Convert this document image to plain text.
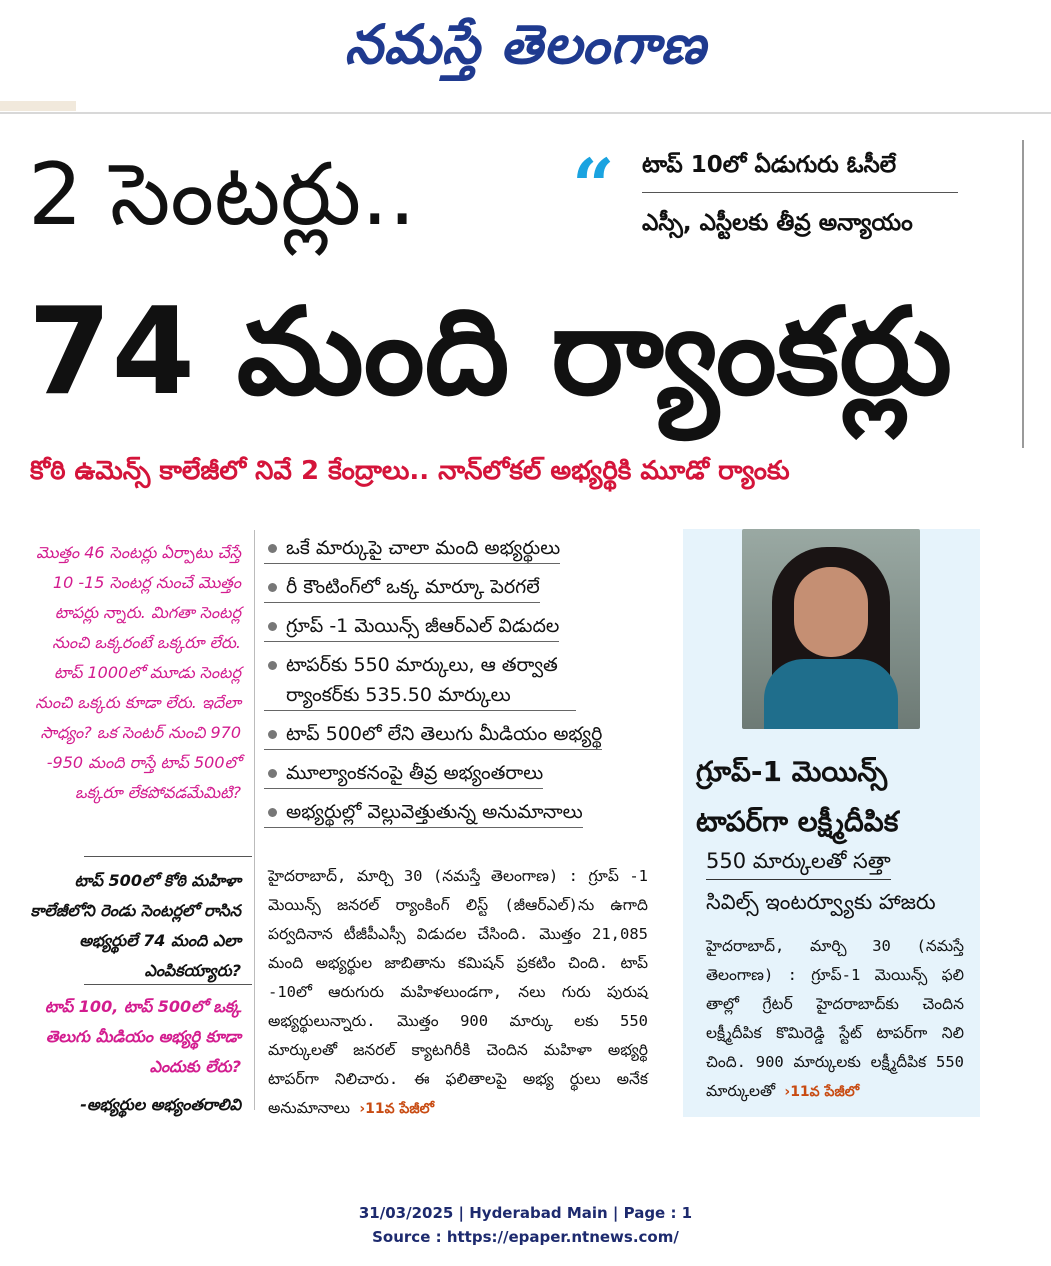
నమస్తే తెలంగాణ
2 సెంటర్లు.. “ టాప్ 10లో ఏడుగురు ఓసీలే
ఎస్సీ, ఎస్టీలకు తీవ్ర అన్యాయం
74 మంది ర్యాంకర్లు
కోఠి ఉమెన్స్ కాలేజీలో నివే 2 కేంద్రాలు.. నాన్‌లోకల్ అభ్యర్థికి మూడో ర్యాంకు
మొత్తం 46 సెంటర్లు ఏర్పాటు చేస్తే 10 -15 సెంటర్ల నుంచే మొత్తం టాపర్లు న్నారు. మిగతా సెంటర్ల నుంచి ఒక్కరంటే ఒక్కరూ లేరు. టాప్ 1000లో మూడు సెంటర్ల నుంచి ఒక్కరు కూడా లేరు. ఇదేలా సాధ్యం? ఒక సెంటర్ నుంచి 970 -950 మంది రాస్తే టాప్ 500లో ఒక్కరూ లేకపోవడమేమిటి?
టాప్ 500లో కోఠి మహిళా కాలేజీలోని రెండు సెంటర్లలో రాసిన అభ్యర్థులే 74 మంది ఎలా ఎంపికయ్యారు?
టాప్ 100, టాప్ 500లో ఒక్క తెలుగు మీడియం అభ్యర్థి కూడా ఎందుకు లేరు?
-అభ్యర్థుల అభ్యంతరాలివి
ఒకే మార్కుపై చాలా మంది అభ్యర్థులు
రీ కౌంటింగ్‌లో ఒక్క మార్కూ పెరగలే
గ్రూప్ -1 మెయిన్స్ జీఆర్‌ఎల్ విడుదల
టాపర్‌కు 550 మార్కులు, ఆ తర్వాత ర్యాంకర్‌కు 535.50 మార్కులు
టాప్ 500లో లేని తెలుగు మీడియం అభ్యర్థి
మూల్యాంకనంపై తీవ్ర అభ్యంతరాలు
అభ్యర్థుల్లో వెల్లువెత్తుతున్న అనుమానాలు
హైదరాబాద్, మార్చి 30 (నమస్తే తెలంగాణ) : గ్రూప్ -1 మెయిన్స్ జనరల్ ర్యాంకింగ్ లిస్ట్ (జీఆర్‌ఎల్)ను ఉగాది పర్వదినాన టీజీపీఎస్సీ విడుదల చేసింది. మొత్తం 21,085 మంది అభ్యర్థుల జాబితాను కమిషన్ ప్రకటిం చింది. టాప్ -10లో ఆరుగురు మహిళలుండగా, నలు గురు పురుష అభ్యర్థులున్నారు. మొత్తం 900 మార్కు లకు 550 మార్కులతో జనరల్ క్యాటగిరీకి చెందిన మహిళా అభ్యర్థి టాపర్‌గా నిలిచారు. ఈ ఫలితాలపై అభ్య ర్థులు అనేక అనుమానాలు ›11వ పేజీలో
గ్రూప్-1 మెయిన్స్
టాపర్‌గా లక్ష్మీదీపిక
550 మార్కులతో సత్తా
సివిల్స్ ఇంటర్వ్యూకు హాజరు
హైదరాబాద్, మార్చి 30 (నమస్తే తెలంగాణ) : గ్రూప్-1 మెయిన్స్ ఫలి తాల్లో గ్రేటర్ హైదరాబాద్‌కు చెందిన లక్ష్మీదీపిక కొమిరెడ్డి స్టేట్ టాపర్‌గా నిలి చింది. 900 మార్కులకు లక్ష్మీదీపిక 550 మార్కులతో ›11వ పేజీలో
31/03/2025 | Hyderabad Main | Page : 1
Source : https://epaper.ntnews.com/
